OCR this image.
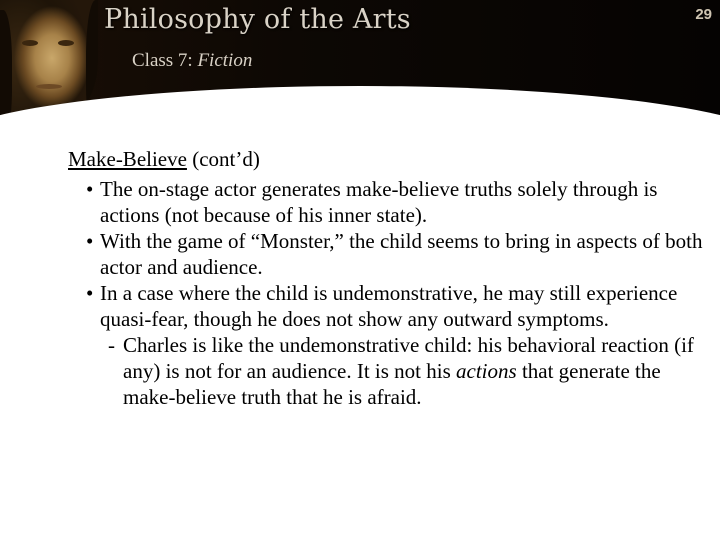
Philosophy of the Arts
Class 7: Fiction
29

Make-Believe (cont’d)

• The on-stage actor generates make-believe truths solely through is actions (not because of his inner state).

• With the game of “Monster,” the child seems to bring in aspects of both actor and audience.

• In a case where the child is undemonstrative, he may still experience quasi-fear, though he does not show any outward symptoms.

- Charles is like the undemonstrative child: his behavioral reaction (if any) is not for an audience. It is not his actions that generate the make-believe truth that he is afraid.
